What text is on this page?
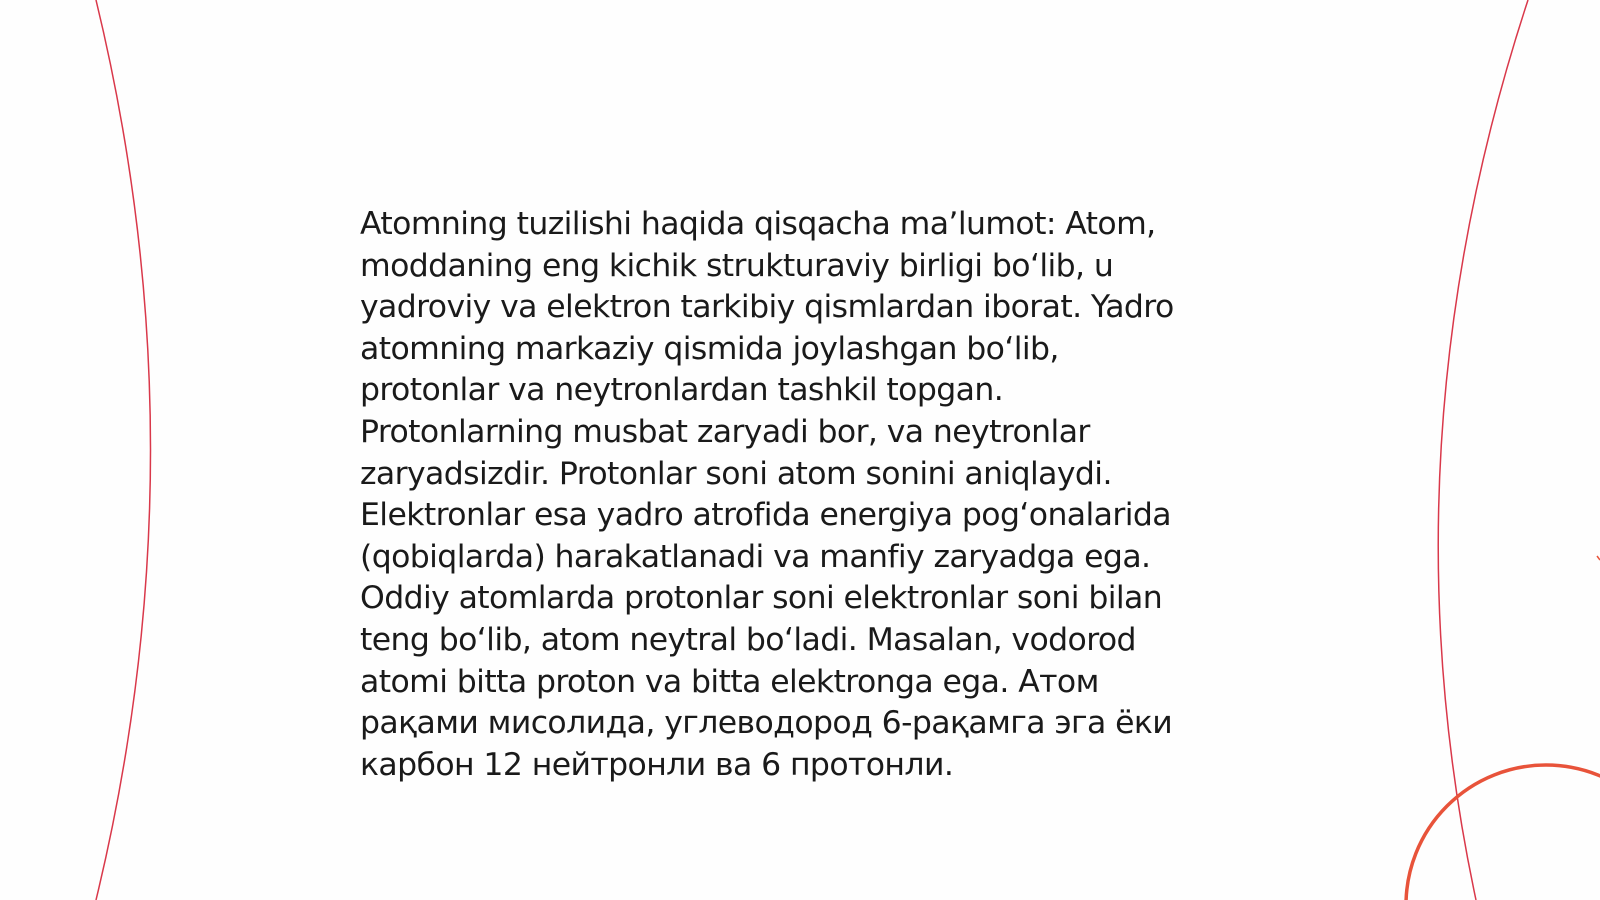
Atomning tuzilishi haqida qisqacha ma’lumot: Atom,
moddaning eng kichik strukturaviy birligi bo‘lib, u
yadroviy va elektron tarkibiy qismlardan iborat. Yadro
atomning markaziy qismida joylashgan bo‘lib,
protonlar va neytronlardan tashkil topgan.
Protonlarning musbat zaryadi bor, va neytronlar
zaryadsizdir. Protonlar soni atom sonini aniqlaydi.
Elektronlar esa yadro atrofida energiya pog‘onalarida
(qobiqlarda) harakatlanadi va manfiy zaryadga ega.
Oddiy atomlarda protonlar soni elektronlar soni bilan
teng bo‘lib, atom neytral bo‘ladi. Masalan, vodorod
atomi bitta proton va bitta elektronga ega. Атом
рақами мисолида, углеводород 6-рақамга эга ёки
карбон 12 нейтронли ва 6 протонли.
